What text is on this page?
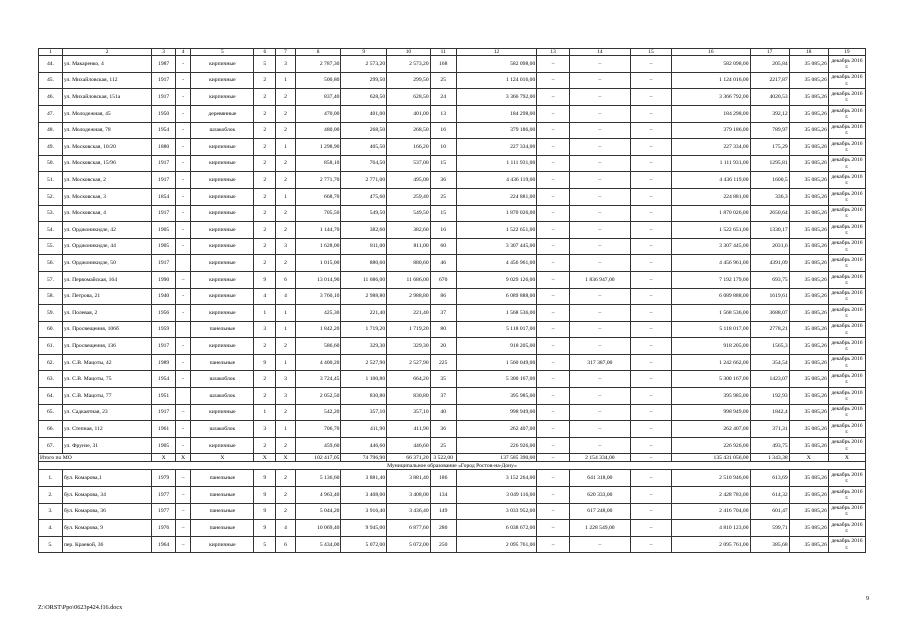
1	2	3	4	5	6	7	8	9	10	11	12	13	14	15	16	17	18	19
44.	ул. Макаренко, 4	1987	-	кирпичные	5	3	2 787,30	2 573,20	2 573,20	168	582 098,00	–	–	–	582 098,00	205,84	35 085,26	декабрь 2016 г.
45.	ул. Михайловская, 112	1917	-	кирпичные	2	1	500,80	299,50	299,50	25	1 124 016,00	–	–	–	1 124 016,00	2217,87	35 085,26	декабрь 2016 г.
46.	ул. Михайловская, 151а	1917	-	кирпичные	2	2	837,40	628,50	628,50	24	3 366 792,00	–	–	–	3 366 792,00	4020,53	35 085,26	декабрь 2016 г.
47.	ул. Молодежная, 45	1950	-	деревянные	2	2	470,00	401,00	401,00	13	184 298,00	–	–	–	184 298,00	392,12	35 085,26	декабрь 2016 г.
48.	ул. Молодежная, 78	1954	-	шлакоблок	2	2	480,00	268,50	268,50	16	379 186,00	–	–	–	379 186,00	789,97	35 085,26	декабрь 2016 г.
49.	ул. Московская, 10/20	1880	-	кирпичные	2	1	1 298,90	405,50	166,20	10	227 334,00	–	–	–	227 334,00	175,29	35 085,26	декабрь 2016 г.
50.	ул. Московская, 15/96	1917	-	кирпичные	2	2	858,10	764,50	537,00	15	1 111 931,00	–	–	–	1 111 931,00	1295,81	35 085,26	декабрь 2016 г.
51.	ул. Московская, 2	1917	-	кирпичные	2	2	2 771,70	2 771,00	495,00	36	4 436 119,00	–	–	–	4 436 119,00	1600,5	35 085,26	декабрь 2016 г.
52.	ул. Московская, 3	1854	-	кирпичные	2	1	668,70	475,60	259,40	25	224 881,00	–	–	–	224 881,00	336,3	35 085,26	декабрь 2016 г.
53.	ул. Московская, 4	1917	-	кирпичные	2	2	705,50	549,50	549,50	15	1 870 026,00	–	–	–	1 870 026,00	2650,64	35 085,26	декабрь 2016 г.
54.	ул. Орджоникидзе, 42	1905	-	кирпичные	2	2	1 144,70	382,60	382,60	16	1 522 651,00	–	–	–	1 522 651,00	1330,17	35 085,26	декабрь 2016 г.
55.	ул. Орджоникидзе, 44	1905	-	кирпичные	2	3	1 628,00	811,00	811,00	60	3 307 445,00	–	–	–	3 307 445,00	2031,6	35 085,26	декабрь 2016 г.
56.	ул. Орджоникидзе, 50	1917		кирпичные	2	2	1 015,00	880,60	880,60	46	4 456 961,00	–	–	–	4 456 961,00	4391,09	35 085,26	декабрь 2016 г.
57.	ул. Первомайская, 164	1990	–	кирпичные	9	6	13 014,90	11 686,00	11 686,00	670	9 029 126,00	–	1 836 947,00	–	7 192 179,00	693,75	35 085,26	декабрь 2016 г.
58.	ул. Петрова, 21	1940	-	кирпичные	4	4	3 760,10	2 988,80	2 988,80	86	6 089 888,00	–	–	–	6 089 888,00	1619,61	35 085,26	декабрь 2016 г.
59.	ул. Полевая, 2	1956	-	кирпичные	1	1	425,30	221,40	221,40	37	1 568 536,00	–	–	–	1 568 536,00	3688,07	35 085,26	декабрь 2016 г.
60.	ул. Просвещения, 106б	1959		панельные	3	1	1 842,20	1 719,20	1 719,20	80	5 118 017,00	–	–	–	5 118 017,00	2778,21	35 085,26	декабрь 2016 г.
61.	ул. Просвещения, 136	1917	-	кирпичные	2	2	586,60	329,30	329,30	20	918 205,00	–	–	–	918 205,00	1565,3	35 085,26	декабрь 2016 г.
62.	ул. С.В. Мацоты, 42	1989	-	панельные	9	1	4 400,20	2 527,90	2 527,90	225	1 560 049,00	–	317 387,00	–	1 242 662,00	354,54	35 085,26	декабрь 2016 г.
63.	ул. С.В. Мацоты, 75	1954	-	шлакоблок	2	3	3 724,45	1 100,80	664,20	35	5 300 167,00	–	–	–	5 300 167,00	1423,07	35 085,26	декабрь 2016 г.
64.	ул. С.В. Мацоты, 77	1951		шлакоблок	2	3	2 052,50	830,80	830,80	37	395 985,00	–	–	–	395 985,00	192,93	35 085,26	декабрь 2016 г.
65.	ул. Садкаятная, 23	1917	–	кирпичные	1	2	542,20	357,10	357,10	40	998 949,00	–	–	–	998 949,00	1842,4	35 085,26	декабрь 2016 г.
66.	ул. Степная, 112	1961	-	шлакоблок	3	1	706,70	411,90	411,90	36	262 407,00	–	–	–	262 407,00	371,31	35 085,26	декабрь 2016 г.
67.	ул. Фрунзе, 31	1905	-	кирпичные	2	2	459,60	446,60	446,60	25	226 926,00	–	–	–	226 926,00	493,75	35 085,26	декабрь 2016 г.
Итого по МО		Х	Х	Х	Х	Х	102 417,05	74 796,90	66 371,20	3 522,00	137 585 390,00	–	2 154 334,00	–	135 431 056,00	1 343,38	Х	Х
Муниципальное образование «Город Ростов-на-Дону»																		
1.	бул. Комарова,1	1979	–	панельные	9	2	5 136,60	3 881,40	3 881,40	186	3 152 264,00	–	641 318,00	–	2 510 946,00	613,69	35 085,26	декабрь 2016 г.
2.	бул. Комарова, 34	1977	–	панельные	9	2	4 963,40	3 408,00	3 408,00	134	3 049 116,00	–	620 333,00	–	2 428 783,00	614,32	35 085,26	декабрь 2016 г.
3.	бул. Комарова, 36	1977	–	панельные	9	2	5 044,20	3 916,40	3 436,40	149	3 033 952,00	–	617 248,00	–	2 416 704,00	601,47	35 085,26	декабрь 2016 г.
4.	бул. Комарова, 9	1976	–	панельные	9	4	10 069,40	9 945,00	6 877,60	280	6 038 672,00	–	1 228 549,00	–	4 810 123,00	599,71	35 085,26	декабрь 2016 г.
5.	пер. Краевой, 36	1964	–	кирпичные	5	6	5 434,00	5 072,00	5 072,00	250	2 095 761,00	–	–	–	2 095 761,00	385,68	35 085,26	декабрь 2016 г.
9
Z:\ORST\Ppo\0623p424.f16.docx
